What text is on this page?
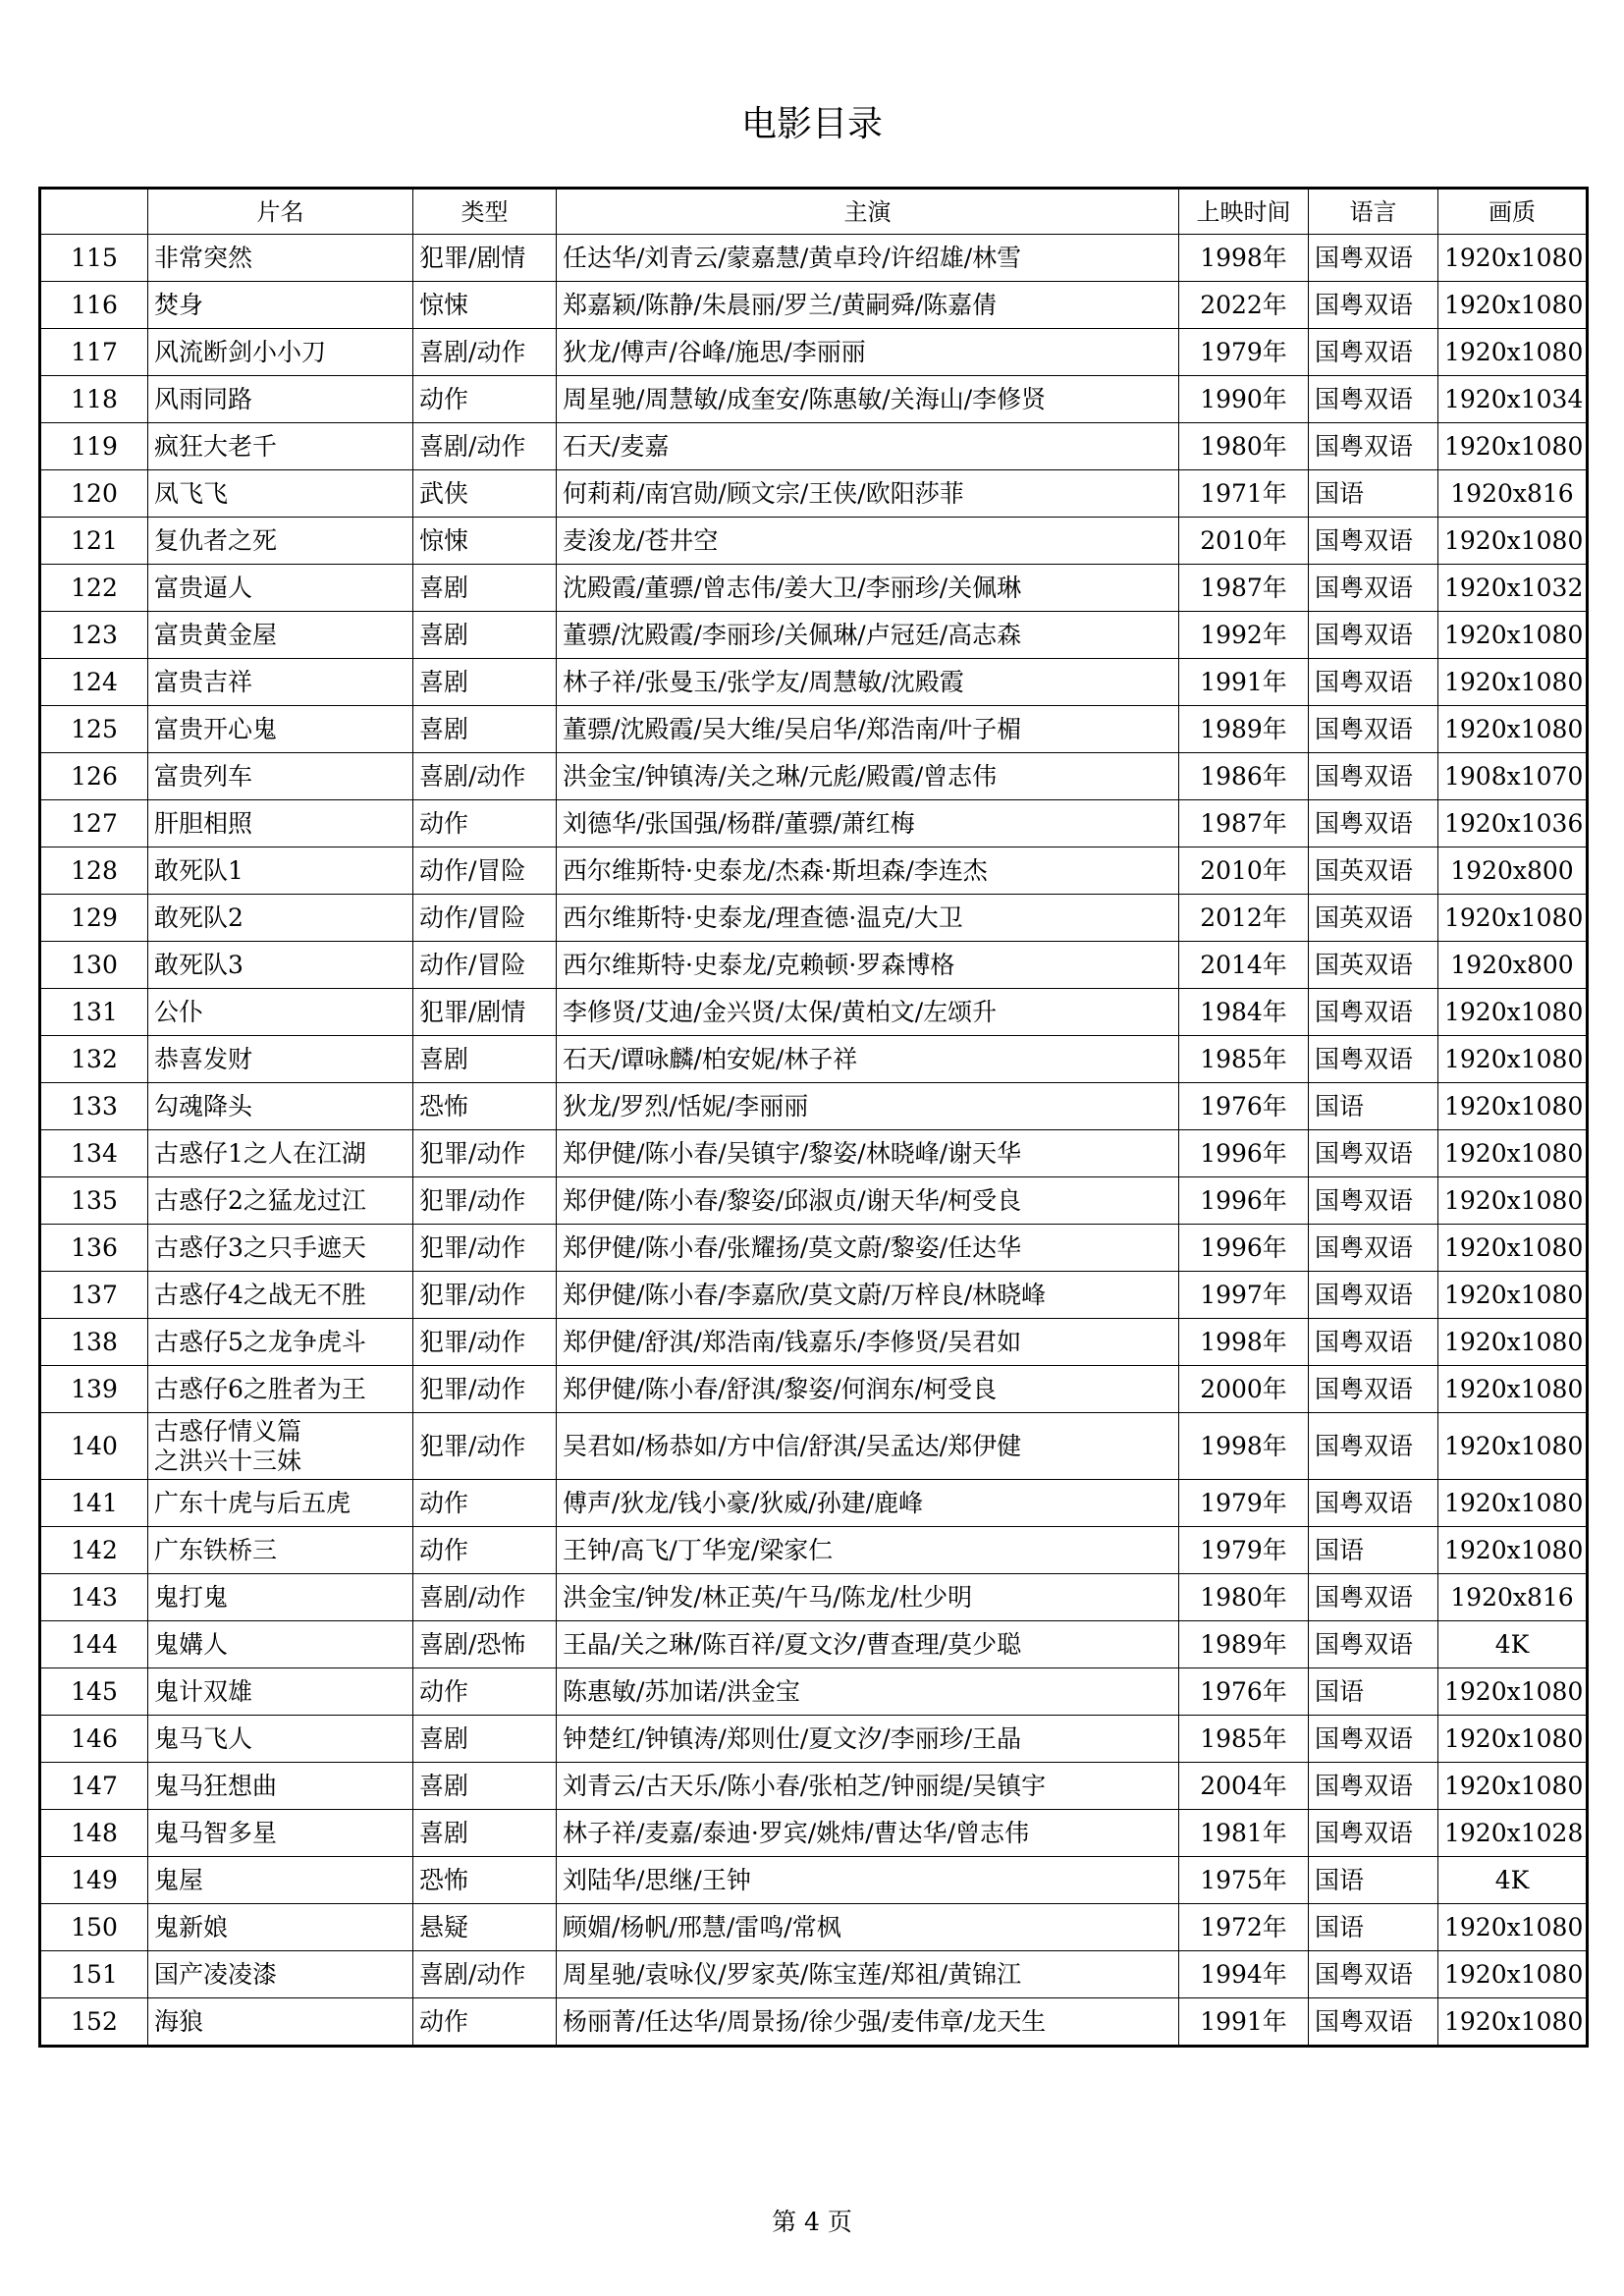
电影目录
	片名	类型	主演	上映时间	语言	画质
115	非常突然	犯罪/剧情	任达华/刘青云/蒙嘉慧/黄卓玲/许绍雄/林雪	1998年	国粤双语	1920x1080
116	焚身	惊悚	郑嘉颖/陈静/朱晨丽/罗兰/黄嗣舜/陈嘉倩	2022年	国粤双语	1920x1080
117	风流断剑小小刀	喜剧/动作	狄龙/傅声/谷峰/施思/李丽丽	1979年	国粤双语	1920x1080
118	风雨同路	动作	周星驰/周慧敏/成奎安/陈惠敏/关海山/李修贤	1990年	国粤双语	1920x1034
119	疯狂大老千	喜剧/动作	石天/麦嘉	1980年	国粤双语	1920x1080
120	凤飞飞	武侠	何莉莉/南宫勋/顾文宗/王侠/欧阳莎菲	1971年	国语	1920x816
121	复仇者之死	惊悚	麦浚龙/苍井空	2010年	国粤双语	1920x1080
122	富贵逼人	喜剧	沈殿霞/董骠/曾志伟/姜大卫/李丽珍/关佩琳	1987年	国粤双语	1920x1032
123	富贵黄金屋	喜剧	董骠/沈殿霞/李丽珍/关佩琳/卢冠廷/高志森	1992年	国粤双语	1920x1080
124	富贵吉祥	喜剧	林子祥/张曼玉/张学友/周慧敏/沈殿霞	1991年	国粤双语	1920x1080
125	富贵开心鬼	喜剧	董骠/沈殿霞/吴大维/吴启华/郑浩南/叶子楣	1989年	国粤双语	1920x1080
126	富贵列车	喜剧/动作	洪金宝/钟镇涛/关之琳/元彪/殿霞/曾志伟	1986年	国粤双语	1908x1070
127	肝胆相照	动作	刘德华/张国强/杨群/董骠/萧红梅	1987年	国粤双语	1920x1036
128	敢死队1	动作/冒险	西尔维斯特·史泰龙/杰森·斯坦森/李连杰	2010年	国英双语	1920x800
129	敢死队2	动作/冒险	西尔维斯特·史泰龙/理查德·温克/大卫	2012年	国英双语	1920x1080
130	敢死队3	动作/冒险	西尔维斯特·史泰龙/克赖顿·罗森博格	2014年	国英双语	1920x800
131	公仆	犯罪/剧情	李修贤/艾迪/金兴贤/太保/黄柏文/左颂升	1984年	国粤双语	1920x1080
132	恭喜发财	喜剧	石天/谭咏麟/柏安妮/林子祥	1985年	国粤双语	1920x1080
133	勾魂降头	恐怖	狄龙/罗烈/恬妮/李丽丽	1976年	国语	1920x1080
134	古惑仔1之人在江湖	犯罪/动作	郑伊健/陈小春/吴镇宇/黎姿/林晓峰/谢天华	1996年	国粤双语	1920x1080
135	古惑仔2之猛龙过江	犯罪/动作	郑伊健/陈小春/黎姿/邱淑贞/谢天华/柯受良	1996年	国粤双语	1920x1080
136	古惑仔3之只手遮天	犯罪/动作	郑伊健/陈小春/张耀扬/莫文蔚/黎姿/任达华	1996年	国粤双语	1920x1080
137	古惑仔4之战无不胜	犯罪/动作	郑伊健/陈小春/李嘉欣/莫文蔚/万梓良/林晓峰	1997年	国粤双语	1920x1080
138	古惑仔5之龙争虎斗	犯罪/动作	郑伊健/舒淇/郑浩南/钱嘉乐/李修贤/吴君如	1998年	国粤双语	1920x1080
139	古惑仔6之胜者为王	犯罪/动作	郑伊健/陈小春/舒淇/黎姿/何润东/柯受良	2000年	国粤双语	1920x1080
140	古惑仔情义篇
之洪兴十三妹	犯罪/动作	吴君如/杨恭如/方中信/舒淇/吴孟达/郑伊健	1998年	国粤双语	1920x1080
141	广东十虎与后五虎	动作	傅声/狄龙/钱小豪/狄威/孙建/鹿峰	1979年	国粤双语	1920x1080
142	广东铁桥三	动作	王钟/高飞/丁华宠/梁家仁	1979年	国语	1920x1080
143	鬼打鬼	喜剧/动作	洪金宝/钟发/林正英/午马/陈龙/杜少明	1980年	国粤双语	1920x816
144	鬼媾人	喜剧/恐怖	王晶/关之琳/陈百祥/夏文汐/曹查理/莫少聪	1989年	国粤双语	4K
145	鬼计双雄	动作	陈惠敏/苏加诺/洪金宝	1976年	国语	1920x1080
146	鬼马飞人	喜剧	钟楚红/钟镇涛/郑则仕/夏文汐/李丽珍/王晶	1985年	国粤双语	1920x1080
147	鬼马狂想曲	喜剧	刘青云/古天乐/陈小春/张柏芝/钟丽缇/吴镇宇	2004年	国粤双语	1920x1080
148	鬼马智多星	喜剧	林子祥/麦嘉/泰迪·罗宾/姚炜/曹达华/曾志伟	1981年	国粤双语	1920x1028
149	鬼屋	恐怖	刘陆华/思继/王钟	1975年	国语	4K
150	鬼新娘	悬疑	顾媚/杨帆/邢慧/雷鸣/常枫	1972年	国语	1920x1080
151	国产凌凌漆	喜剧/动作	周星驰/袁咏仪/罗家英/陈宝莲/郑祖/黄锦江	1994年	国粤双语	1920x1080
152	海狼	动作	杨丽菁/任达华/周景扬/徐少强/麦伟章/龙天生	1991年	国粤双语	1920x1080
第 4 页
